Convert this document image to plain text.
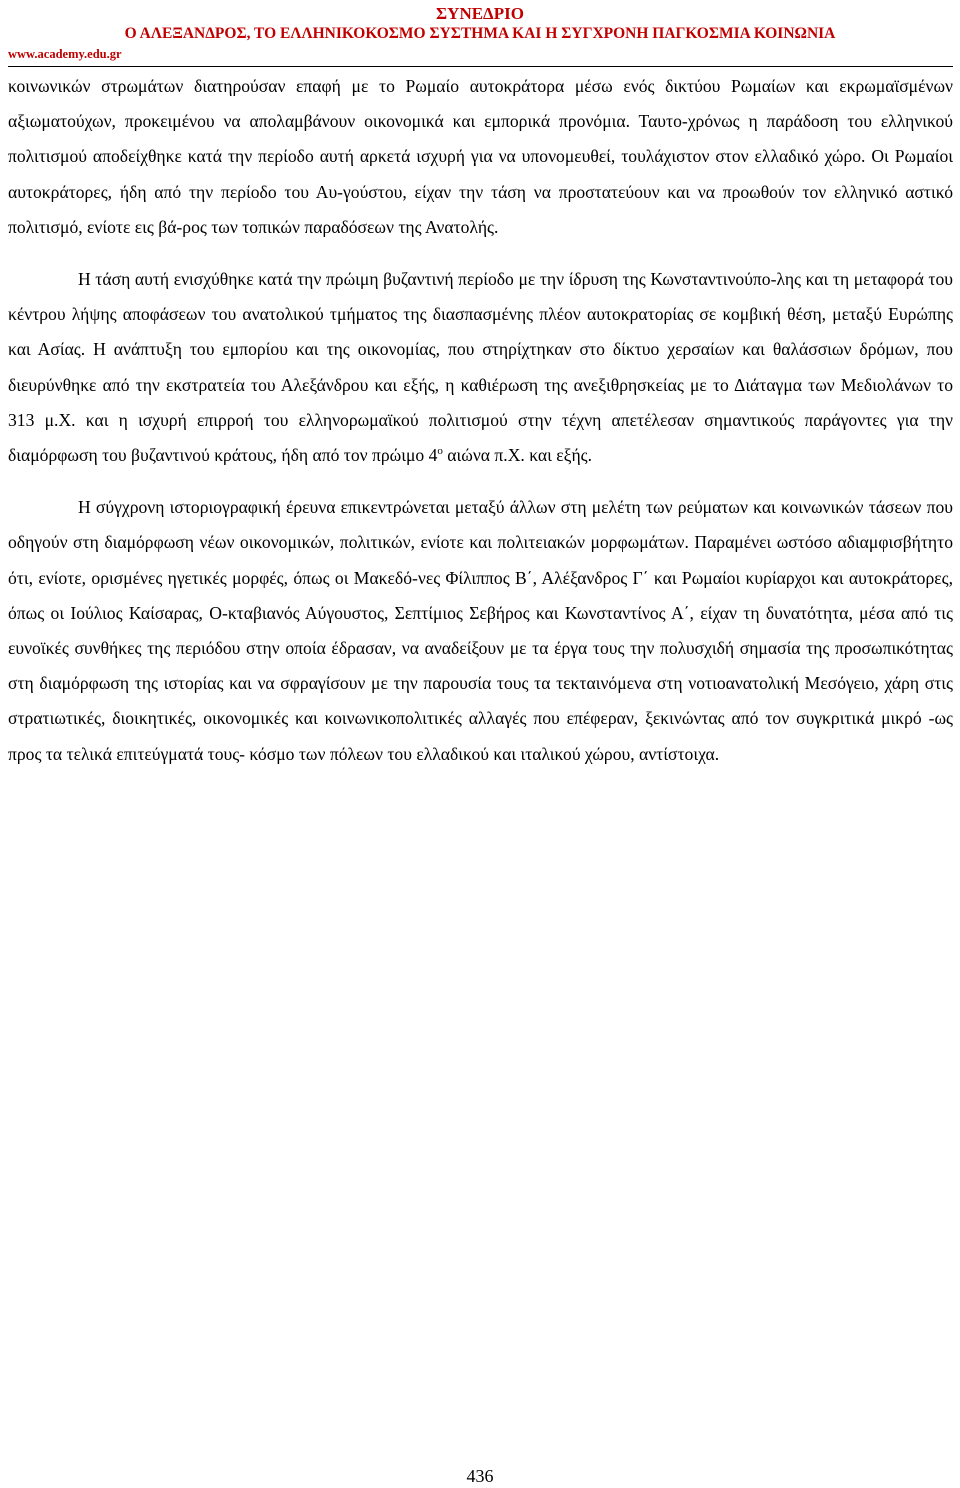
ΣΥΝΕΔΡΙΟ
Ο ΑΛΕΞΑΝΔΡΟΣ, ΤΟ ΕΛΛΗΝΙΚΟΚΟΣΜΟ ΣΥΣΤΗΜΑ ΚΑΙ Η ΣΥΓΧΡΟΝΗ ΠΑΓΚΟΣΜΙΑ ΚΟΙΝΩΝΙΑ
www.academy.edu.gr

κοινωνικών στρωμάτων διατηρούσαν επαφή με το Ρωμαίο αυτοκράτορα μέσω ενός δικτύου Ρωμαίων και εκρωμαϊσμένων αξιωματούχων, προκειμένου να απολαμβάνουν οικονομικά και εμπορικά προνόμια. Ταυτο-χρόνως η παράδοση του ελληνικού πολιτισμού αποδείχθηκε κατά την περίοδο αυτή αρκετά ισχυρή για να υπονομευθεί, τουλάχιστον στον ελλαδικό χώρο. Οι Ρωμαίοι αυτοκράτορες, ήδη από την περίοδο του Αυ-γούστου, είχαν την τάση να προστατεύουν και να προωθούν τον ελληνικό αστικό πολιτισμό, ενίοτε εις βά-ρος των τοπικών παραδόσεων της Ανατολής.

Η τάση αυτή ενισχύθηκε κατά την πρώιμη βυζαντινή περίοδο με την ίδρυση της Κωνσταντινούπο-λης και τη μεταφορά του κέντρου λήψης αποφάσεων του ανατολικού τμήματος της διασπασμένης πλέον αυτοκρατορίας σε κομβική θέση, μεταξύ Ευρώπης και Ασίας. Η ανάπτυξη του εμπορίου και της οικονομίας, που στηρίχτηκαν στο δίκτυο χερσαίων και θαλάσσιων δρόμων, που διευρύνθηκε από την εκστρατεία του Αλεξάνδρου και εξής, η καθιέρωση της ανεξιθρησκείας με το Διάταγμα των Μεδιολάνων το 313 μ.Χ. και η ισχυρή επιρροή του ελληνορωμαϊκού πολιτισμού στην τέχνη απετέλεσαν σημαντικούς παράγοντες για την διαμόρφωση του βυζαντινού κράτους, ήδη από τον πρώιμο $4^o$ αιώνα π.Χ. και εξής.

Η σύγχρονη ιστοριογραφική έρευνα επικεντρώνεται μεταξύ άλλων στη μελέτη των ρεύματων και κοινωνικών τάσεων που οδηγούν στη διαμόρφωση νέων οικονομικών, πολιτικών, ενίοτε και πολιτειακών μορφωμάτων. Παραμένει ωστόσο αδιαμφισβήτητο ότι, ενίοτε, ορισμένες ηγετικές μορφές, όπως οι Μακεδό-νες Φίλιππος Β΄, Αλέξανδρος Γ΄ και Ρωμαίοι κυρίαρχοι και αυτοκράτορες, όπως οι Ιούλιος Καίσαρας, Ο-κταβιανός Αύγουστος, Σεπτίμιος Σεβήρος και Κωνσταντίνος Α΄, είχαν τη δυνατότητα, μέσα από τις ευνοϊκές συνθήκες της περιόδου στην οποία έδρασαν, να αναδείξουν με τα έργα τους την πολυσχιδή σημασία της προσωπικότητας στη διαμόρφωση της ιστορίας και να σφραγίσουν με την παρουσία τους τα τεκταινόμενα στη νοτιοανατολική Μεσόγειο, χάρη στις στρατιωτικές, διοικητικές, οικονομικές και κοινωνικοπολιτικές αλλαγές που επέφεραν, ξεκινώντας από τον συγκριτικά μικρό -ως προς τα τελικά επιτεύγματά τους- κόσμο των πόλεων του ελλαδικού και ιταλικού χώρου, αντίστοιχα.

436
